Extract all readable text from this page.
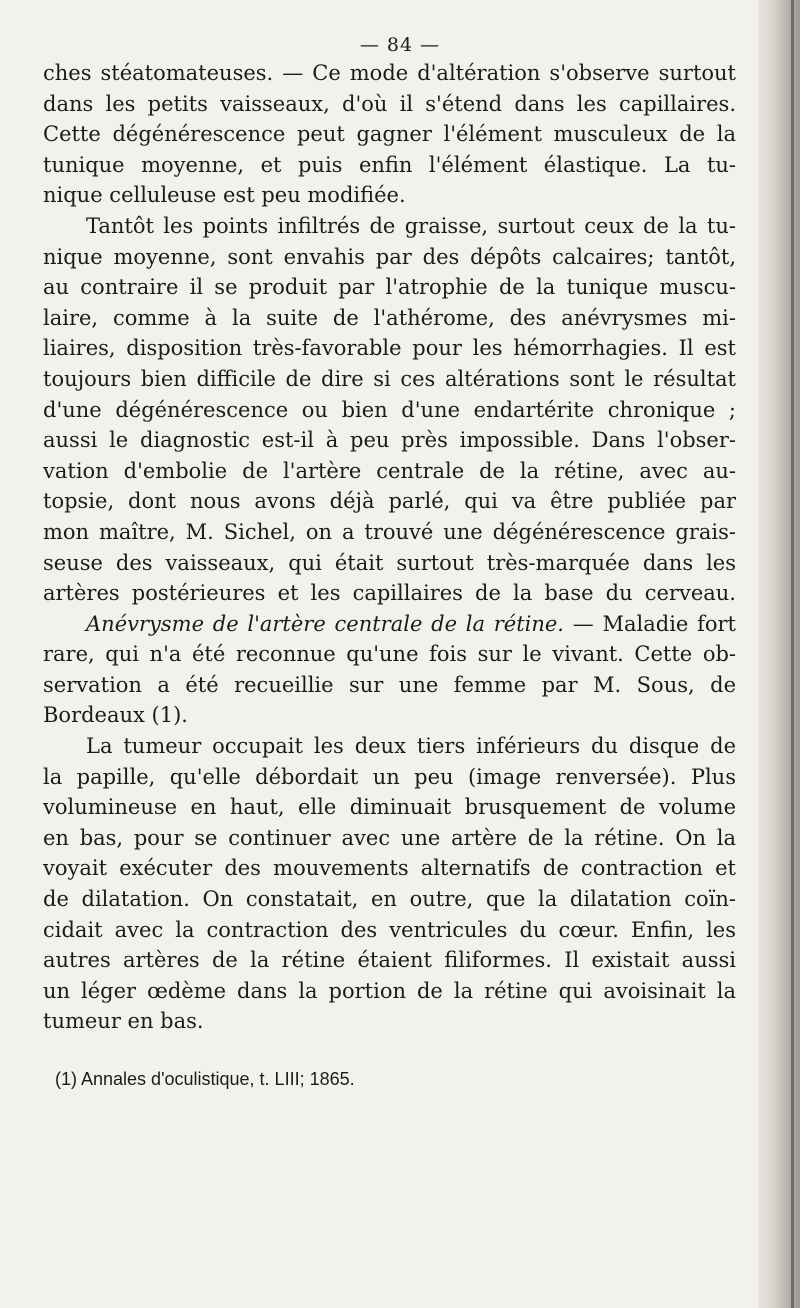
— 84 —
ches stéatomateuses. — Ce mode d'altération s'observe surtout
dans les petits vaisseaux, d'où il s'étend dans les capillaires.
Cette dégénérescence peut gagner l'élément musculeux de la
tunique moyenne, et puis enfin l'élément élastique. La tu-
nique celluleuse est peu modifiée.
Tantôt les points infiltrés de graisse, surtout ceux de la tu-
nique moyenne, sont envahis par des dépôts calcaires; tantôt,
au contraire il se produit par l'atrophie de la tunique muscu-
laire, comme à la suite de l'athérome, des anévrysmes mi-
liaires, disposition très-favorable pour les hémorrhagies. Il est
toujours bien difficile de dire si ces altérations sont le résultat
d'une dégénérescence ou bien d'une endartérite chronique ;
aussi le diagnostic est-il à peu près impossible. Dans l'obser-
vation d'embolie de l'artère centrale de la rétine, avec au-
topsie, dont nous avons déjà parlé, qui va être publiée par
mon maître, M. Sichel, on a trouvé une dégénérescence grais-
seuse des vaisseaux, qui était surtout très-marquée dans les
artères postérieures et les capillaires de la base du cerveau.
Anévrysme de l'artère centrale de la rétine. — Maladie fort
rare, qui n'a été reconnue qu'une fois sur le vivant. Cette ob-
servation a été recueillie sur une femme par M. Sous, de
Bordeaux (1).
La tumeur occupait les deux tiers inférieurs du disque de
la papille, qu'elle débordait un peu (image renversée). Plus
volumineuse en haut, elle diminuait brusquement de volume
en bas, pour se continuer avec une artère de la rétine. On la
voyait exécuter des mouvements alternatifs de contraction et
de dilatation. On constatait, en outre, que la dilatation coïn-
cidait avec la contraction des ventricules du cœur. Enfin, les
autres artères de la rétine étaient filiformes. Il existait aussi
un léger œdème dans la portion de la rétine qui avoisinait la
tumeur en bas.
(1) Annales d'oculistique, t. LIII; 1865.
